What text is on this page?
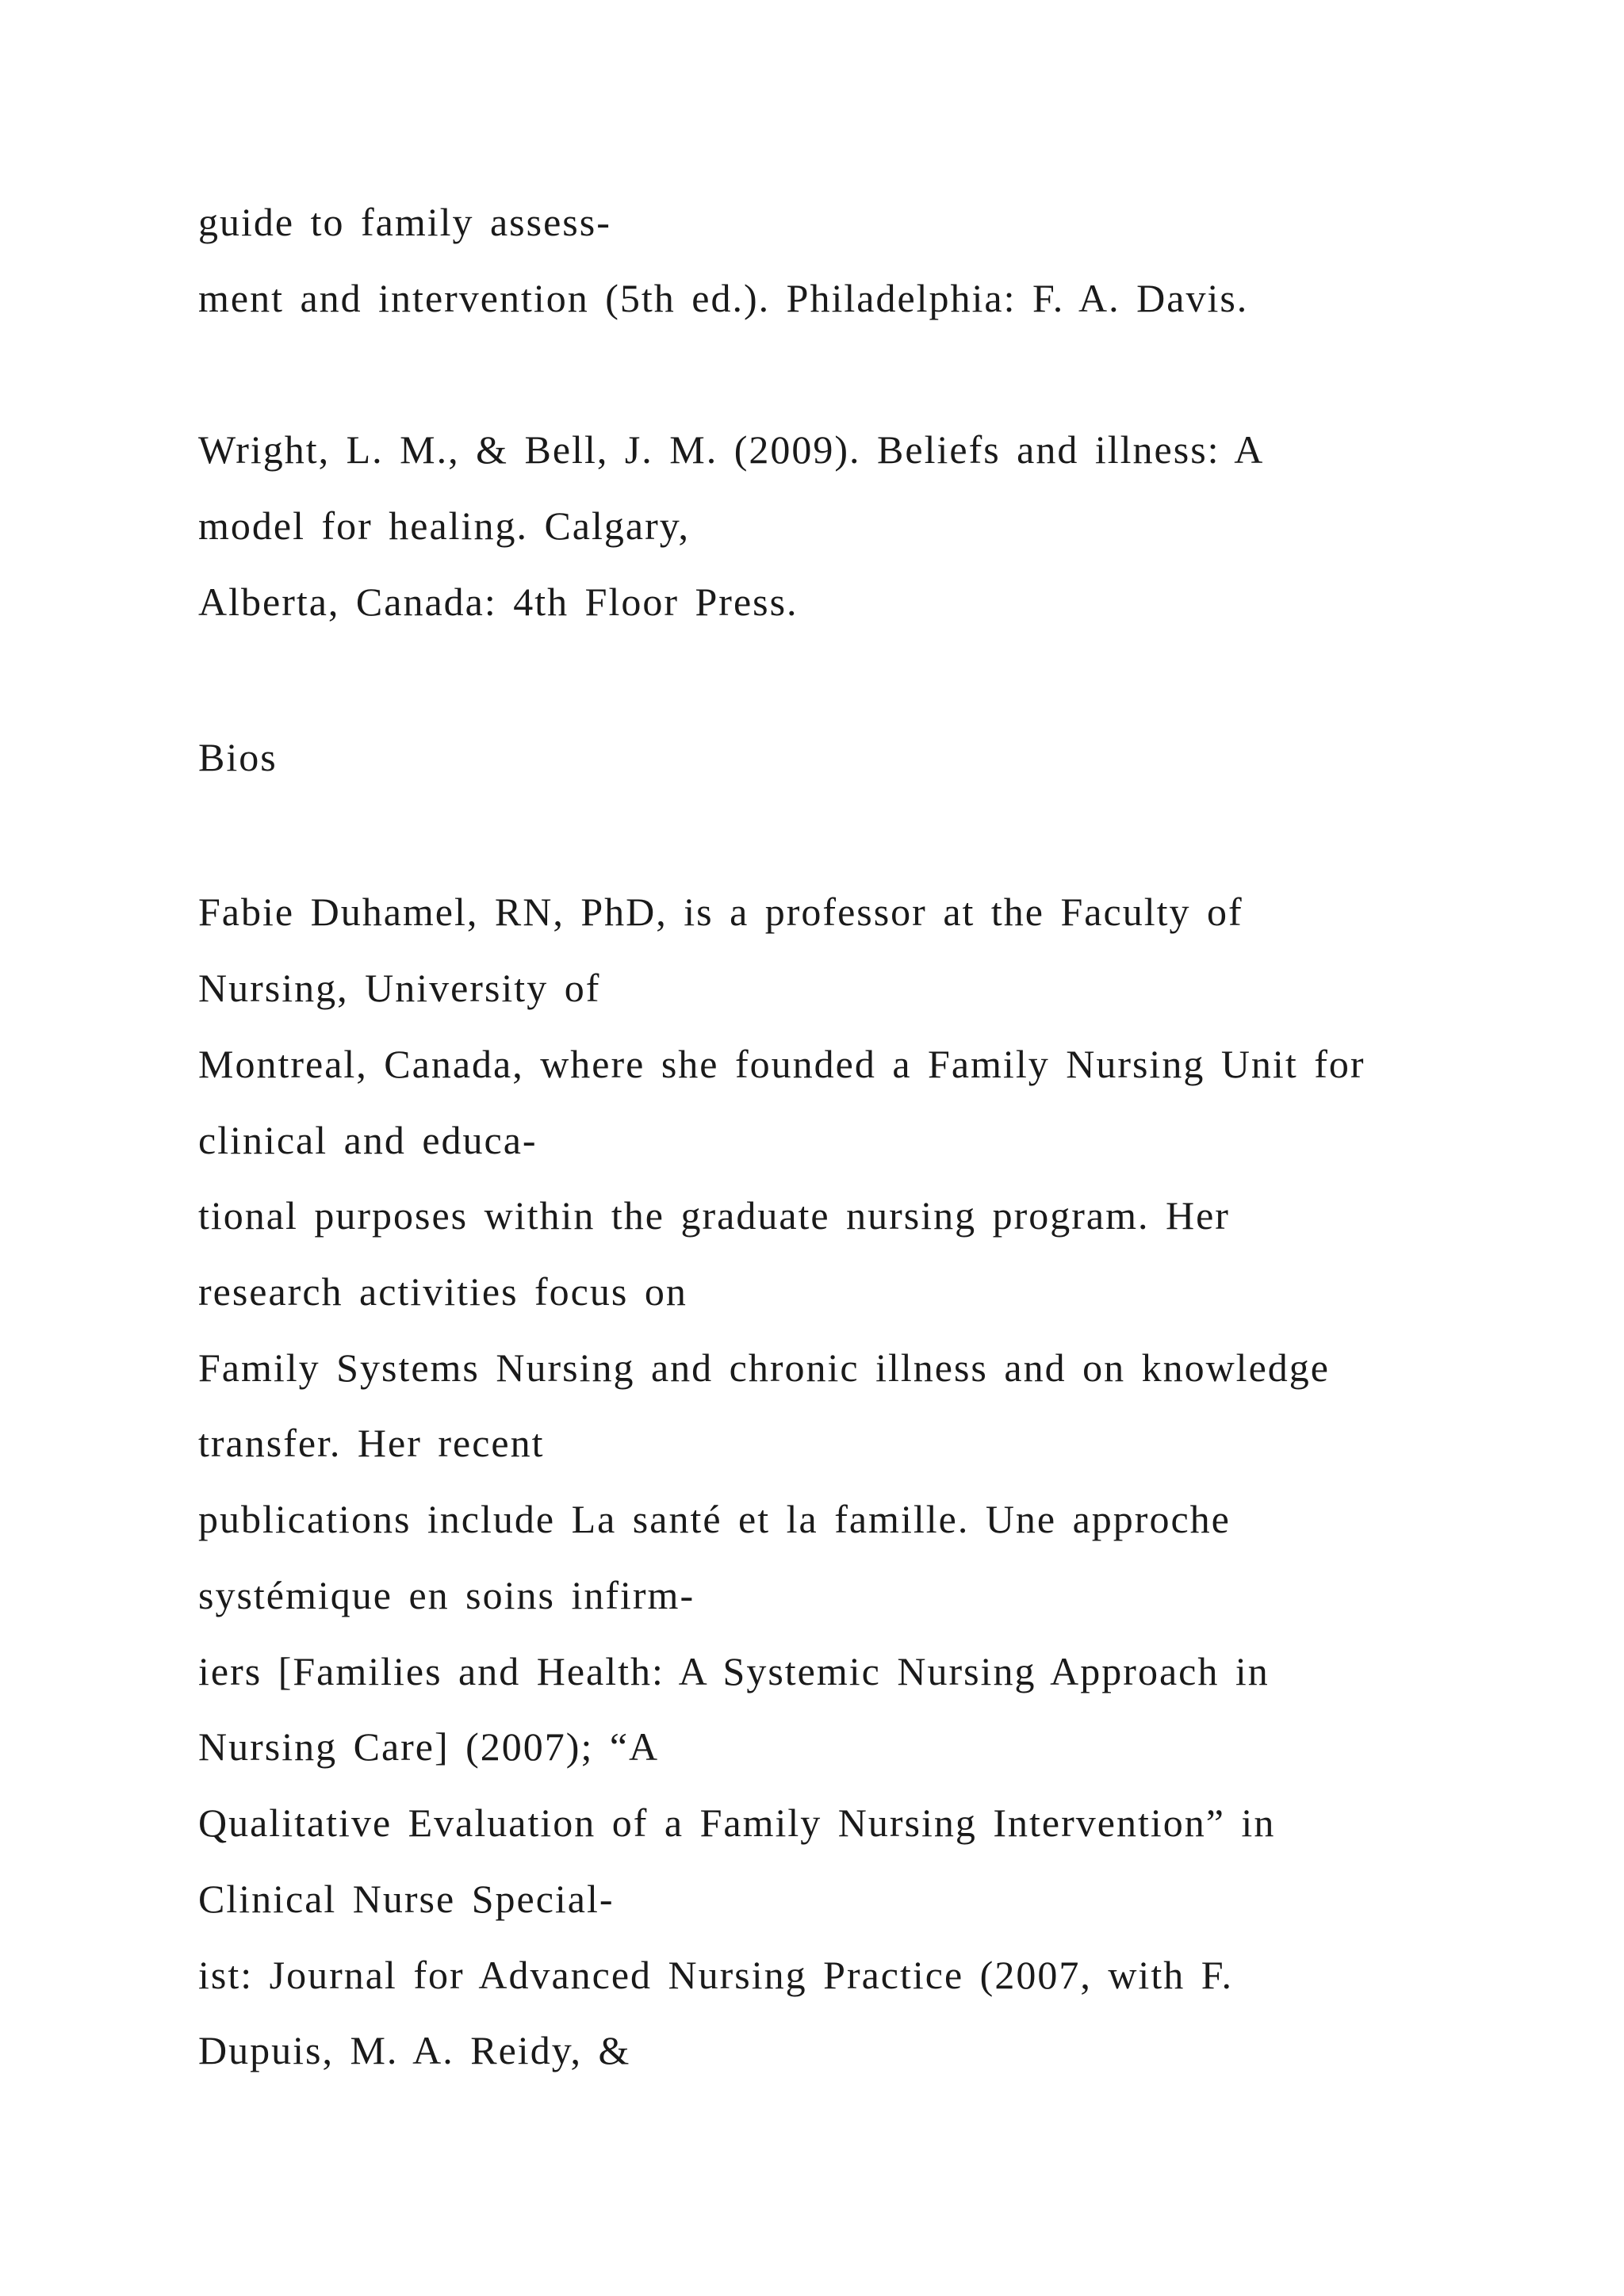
guide to family assess-
ment and intervention (5th ed.). Philadelphia: F. A. Davis.
Wright, L. M., & Bell, J. M. (2009). Beliefs and illness: A
model for healing. Calgary,
Alberta, Canada: 4th Floor Press.
Bios
Fabie Duhamel, RN, PhD, is a professor at the Faculty of
Nursing, University of
Montreal, Canada, where she founded a Family Nursing Unit for
clinical and educa-
tional purposes within the graduate nursing program. Her
research activities focus on
Family Systems Nursing and chronic illness and on knowledge
transfer. Her recent
publications include La santé et la famille. Une approche
systémique en soins infirm-
iers [Families and Health: A Systemic Nursing Approach in
Nursing Care] (2007); “A
Qualitative Evaluation of a Family Nursing Intervention” in
Clinical Nurse Special-
ist: Journal for Advanced Nursing Practice (2007, with F.
Dupuis, M. A. Reidy, &
